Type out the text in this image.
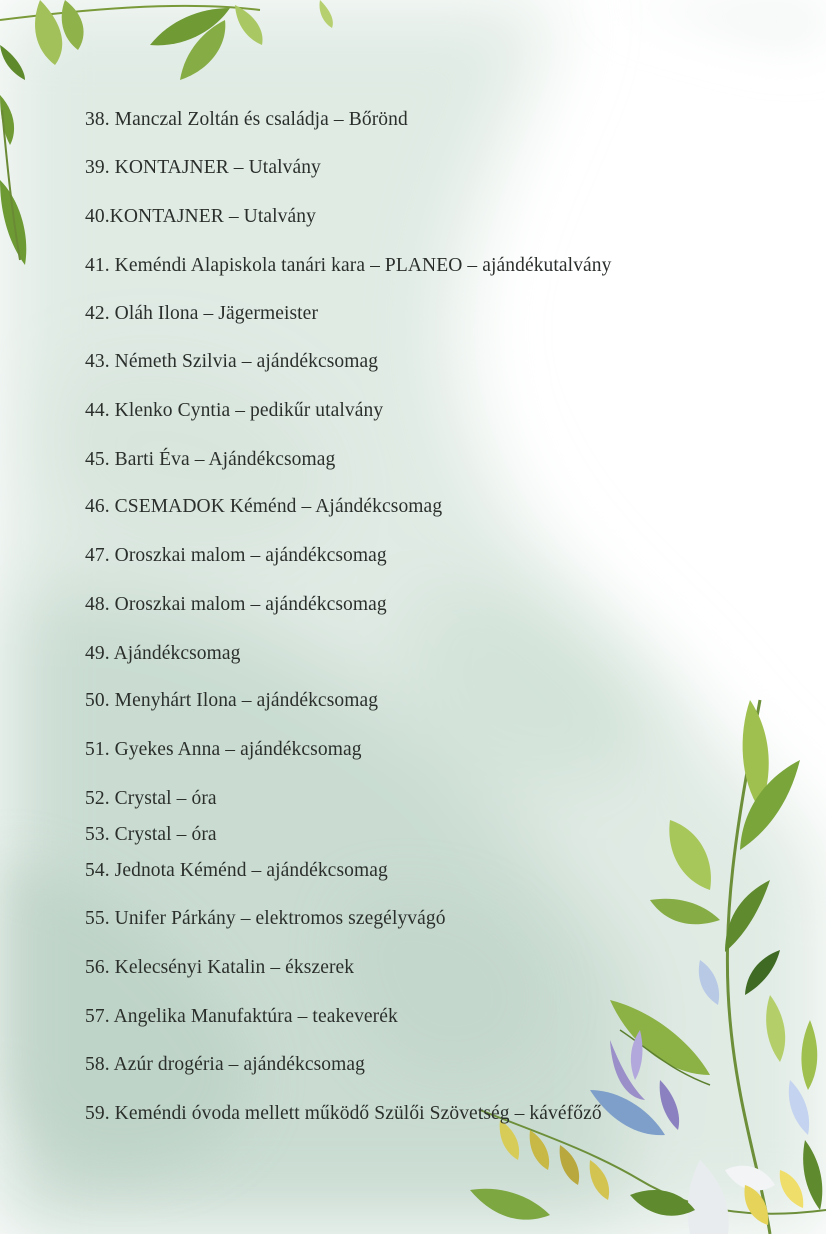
38. Manczal Zoltán és családja – Bőrönd
39. KONTAJNER – Utalvány
40.KONTAJNER – Utalvány
41. Keméndi Alapiskola tanári kara – PLANEO – ajándékutalvány
42. Oláh Ilona – Jägermeister
43. Németh Szilvia – ajándékcsomag
44. Klenko Cyntia – pedikűr utalvány
45. Barti Éva – Ajándékcsomag
46. CSEMADOK Kéménd – Ajándékcsomag
47. Oroszkai malom – ajándékcsomag
48. Oroszkai malom – ajándékcsomag
49. Ajándékcsomag
50. Menyhárt Ilona – ajándékcsomag
51. Gyekes Anna – ajándékcsomag
52. Crystal – óra
53. Crystal – óra
54. Jednota Kéménd – ajándékcsomag
55. Unifer Párkány – elektromos szegélyvágó
56. Kelecsényi Katalin – ékszerek
57. Angelika Manufaktúra – teakeverék
58. Azúr drogéria – ajándékcsomag
59. Keméndi óvoda mellett működő Szülői Szövetség – kávéfőző
